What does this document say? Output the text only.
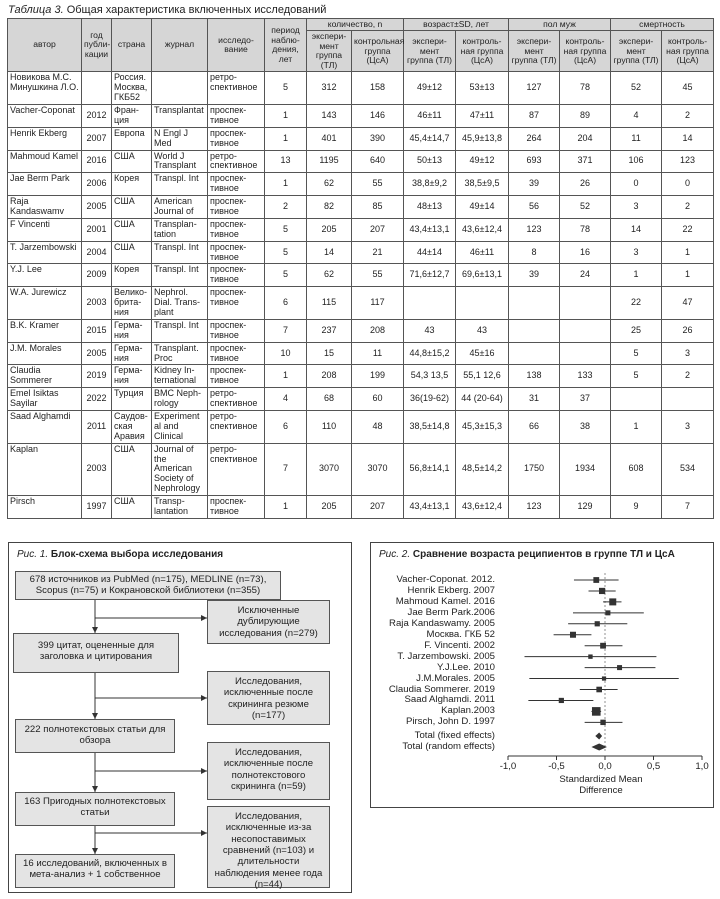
Таблица 3. Общая характеристика включенных исследований
автор	год публикации	страна	журнал	исследование	период наблюдения, лет	количество, n		возраст±SD, лет		пол муж		смертность	
						эксперимент группа (ТЛ)	контрольная группа (ЦсА)	эксперимент группа (ТЛ)	контрольная группа (ЦсА)	эксперимент группа (ТЛ)	контрольная группа (ЦсА)	эксперимент группа (ТЛ)	контрольная группа (ЦсА)
Новикова М.С. Минушкина Л.О.		Россия. Москва, ГКБ52		ретроспективное	5	312	158	49±12	53±13	127	78	52	45
Vacher-Coponat	2012	Франция	Transplantat	проспективное	1	143	146	46±11	47±11	87	89	4	2
Henrik Ekberg	2007	Европа	N Engl J Med	проспективное	1	401	390	45,4±14,7	45,9±13,8	264	204	11	14
Mahmoud Kamel	2016	США	World J Transplant	ретроспективное	13	1195	640	50±13	49±12	693	371	106	123
Jae Berm Park	2006	Корея	Transpl. Int	проспективное	1	62	55	38,8±9,2	38,5±9,5	39	26	0	0
Raja Kandaswamv	2005	США	American Journal of	проспективное	2	82	85	48±13	49±14	56	52	3	2
F Vincenti	2001	США	Transplantation	проспективное	5	205	207	43,4±13,1	43,6±12,4	123	78	14	22
T. Jarzembowski	2004	США	Transpl. Int	проспективное	5	14	21	44±14	46±11	8	16	3	1
Y.J. Lee	2009	Корея	Transpl. Int	проспективное	5	62	55	71,6±12,7	69,6±13,1	39	24	1	1
W.A. Jurewicz	2003	Великобритания	Nephrol. Dial. Transplant	проспективное	6	115	117					22	47
B.K. Kramer	2015	Германия	Transpl. Int	проспективное	7	237	208	43	43			25	26
J.M. Morales	2005	Германия	Transplant. Proc	проспективное	10	15	11	44,8±15,2	45±16			5	3
Claudia Sommerer	2019	Германия	Kidney International	проспективное	1	208	199	54,3 13,5	55,1 12,6	138	133	5	2
Emel Isiktas Sayilar	2022	Турция	BMC Nephrology	ретроспективное	4	68	60	36(19-62)	44 (20-64)	31	37		
Saad Alghamdi	2011	Саудовская Аравия	Experiment al and Clinical	ретроспективное	6	110	48	38,5±14,8	45,3±15,3	66	38	1	3
Kaplan	2003	США	Journal of the American Society of Nephrology	ретроспективное	7	3070	3070	56,8±14,1	48,5±14,2	1750	1934	608	534
Pirsch	1997	США	Transplantation	проспективное	1	205	207	43,4±13,1	43,6±12,4	123	129	9	7
Рис. 1. Блок-схема выбора исследования
678 источников из PubMed (n=175), MEDLINE (n=73), Scopus (n=75) и Кокрановской библиотеки (n=355)
399 цитат, оцененные для заголовка и цитирования
Исключенные дублирующие исследования (n=279)
Исследования, исключенные после скрининга резюме (n=177)
222 полнотекстовых статьи для обзора
Исследования, исключенные после полнотекстового скрининга (n=59)
163 Пригодных полнотекстовых статьи	Исследования, исключенные из-за несопоставимых сравнений (n=103) и длительности наблюдения менее года (n=44)
16 исследований, включенных в мета-анализ + 1 собственное
Рис. 2. Сравнение возраста реципиентов в группе ТЛ и ЦсА
Vacher-Coponat. 2012.
Henrik Ekberg. 2007
Mahmoud Kamel. 2016
Jae Berm Park.2006
Raja Kandaswamy. 2005
Москва. ГКБ 52
F. Vincenti. 2002
T. Jarzembowski. 2005
Y.J.Lee. 2010
J.M.Morales. 2005
Claudia Sommerer. 2019
Saad Alghamdi. 2011
Kaplan.2003
Pirsch, John D. 1997
Total (fixed effects)
Total (random effects)
-1,0	-0,5	0,0	0,5	1,0
Standardized Mean Difference
